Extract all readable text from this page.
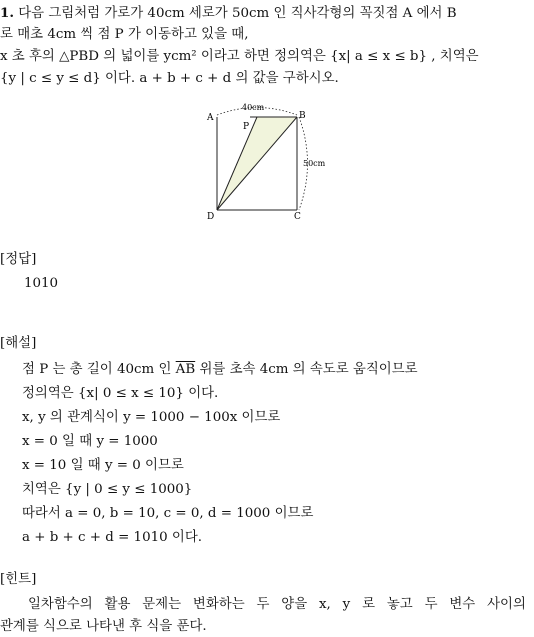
1. 다음 그림처럼 가로가 40cm 세로가 50cm 인 직사각형의 꼭짓점 A 에서 B
로 매초 4cm 씩 점 P 가 이동하고 있을 때,
x 초 후의 △PBD 의 넓이를 ycm² 이라고 하면 정의역은 {x| a ≤ x ≤ b} , 치역은
{y | c ≤ y ≤ d} 이다. a + b + c + d 의 값을 구하시오.
A	B
C
D
P
40cm
50cm
[정답]
1010
[해설]
점 P 는 총 길이 40cm 인 $\overline{AB}$ 위를 초속 4cm 의 속도로 움직이므로
정의역은 {x| 0 ≤ x ≤ 10} 이다.
x, y 의 관계식이 y = 1000 − 100x 이므로
x = 0 일 때 y = 1000
x = 10 일 때 y = 0 이므로
치역은 {y | 0 ≤ y ≤ 1000}
따라서 a = 0, b = 10, c = 0, d = 1000 이므로
a + b + c + d = 1010 이다.
[힌트]
일차함수의 활용 문제는 변화하는 두 양을 x, y 로 놓고 두 변수 사이의
관계를 식으로 나타낸 후 식을 푼다.
